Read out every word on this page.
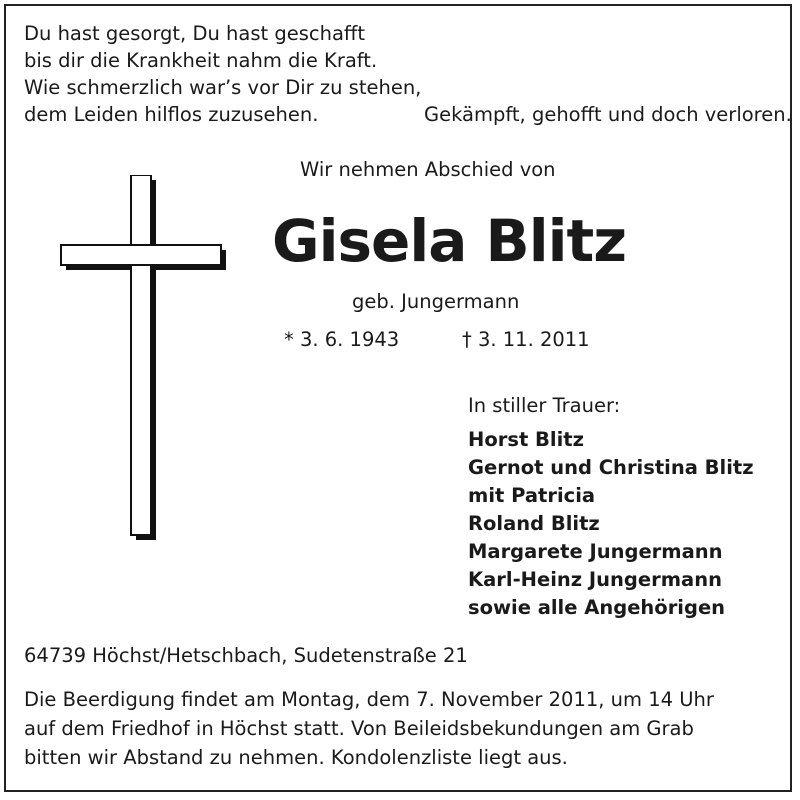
Du hast gesorgt, Du hast geschafft
bis dir die Krankheit nahm die Kraft.
Wie schmerzlich war’s vor Dir zu stehen,
dem Leiden hilflos zuzusehen.	Gekämpft, gehofft und doch verloren.
Wir nehmen Abschied von
Gisela Blitz
geb. Jungermann
* 3. 6. 1943	† 3. 11. 2011
In stiller Trauer:
Horst Blitz
Gernot und Christina Blitz
mit Patricia
Roland Blitz
Margarete Jungermann
Karl-Heinz Jungermann
sowie alle Angehörigen
64739 Höchst/Hetschbach, Sudetenstraße 21
Die Beerdigung findet am Montag, dem 7. November 2011, um 14 Uhr
auf dem Friedhof in Höchst statt. Von Beileidsbekundungen am Grab
bitten wir Abstand zu nehmen. Kondolenzliste liegt aus.
